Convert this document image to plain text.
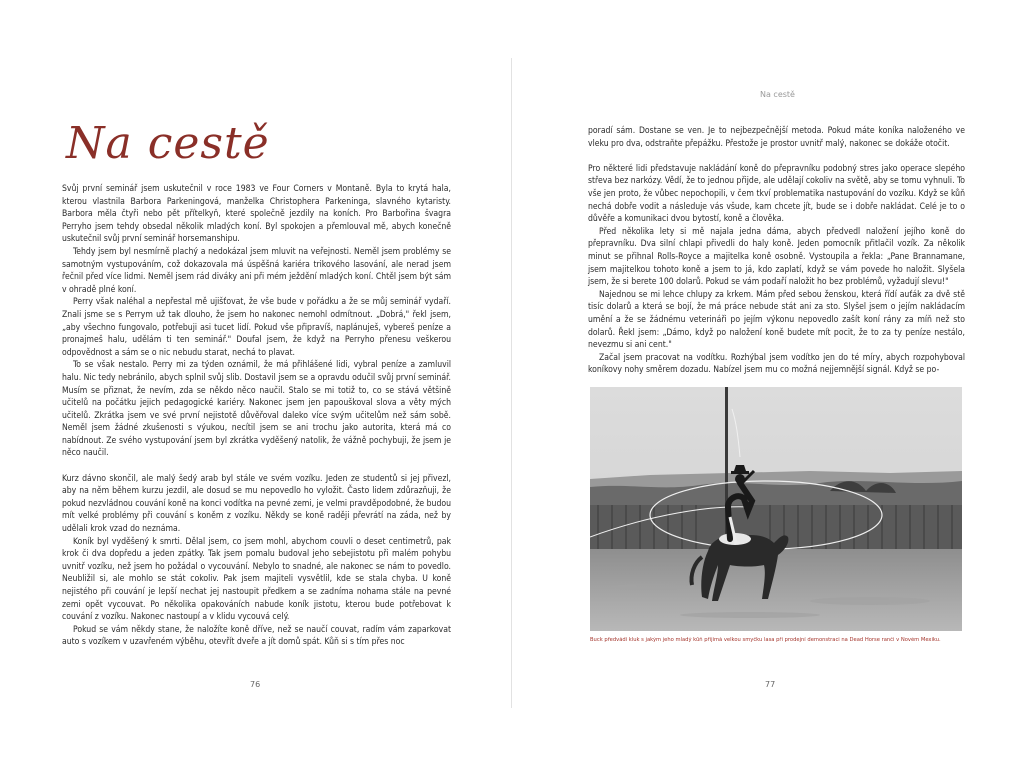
Na cestě

Svůj první seminář jsem uskutečnil v roce 1983 ve Four Corners v Montaně. Byla to krytá hala, kterou vlastnila Barbora Parkeningová, manželka Christophera Parkeninga, slavného kytaristy. Barbora měla čtyři nebo pět přítelkyň, které společně jezdily na koních. Pro Barbořina švagra Perryho jsem tehdy obsedal několik mladých koní. Byl spokojen a přemlouval mě, abych konečně uskutečnil svůj první seminář horsemanshipu.

Tehdy jsem byl nesmírně plachý a nedokázal jsem mluvit na veřejnosti. Neměl jsem problémy se samotným vystupováním, což dokazovala má úspěšná kariéra trikového lasování, ale nerad jsem řečnil před více lidmi. Neměl jsem rád diváky ani při mém ježdění mladých koní. Chtěl jsem být sám v ohradě plné koní.

Perry však naléhal a nepřestal mě ujišťovat, že vše bude v pořádku a že se můj seminář vydaří. Znali jsme se s Perrym už tak dlouho, že jsem ho nakonec nemohl odmítnout. „Dobrá," řekl jsem, „aby všechno fungovalo, potřebuji asi tucet lidí. Pokud vše připravíš, naplánuješ, vybereš peníze a pronajmeš halu, udělám ti ten seminář." Doufal jsem, že když na Perryho přenesu veškerou odpovědnost a sám se o nic nebudu starat, nechá to plavat.

To se však nestalo. Perry mi za týden oznámil, že má přihlášené lidi, vybral peníze a zamluvil halu. Nic tedy nebránilo, abych splnil svůj slib. Dostavil jsem se a opravdu odučil svůj první seminář. Musím se přiznat, že nevím, zda se někdo něco naučil. Stalo se mi totiž to, co se stává většině učitelů na počátku jejich pedagogické kariéry. Nakonec jsem jen papouškoval slova a věty mých učitelů. Zkrátka jsem ve své první nejistotě důvěřoval daleko více svým učitelům než sám sobě. Neměl jsem žádné zkušenosti s výukou, necítil jsem se ani trochu jako autorita, která má co nabídnout. Ze svého vystupování jsem byl zkrátka vyděšený natolik, že vážně pochybuji, že jsem je něco naučil.

Kurz dávno skončil, ale malý šedý arab byl stále ve svém vozíku. Jeden ze studentů si jej přivezl, aby na něm během kurzu jezdil, ale dosud se mu nepovedlo ho vyložit. Často lidem zdůrazňuji, že pokud nezvládnou couvání koně na konci vodítka na pevné zemi, je velmi pravděpodobné, že budou mít velké problémy při couvání s koněm z vozíku. Někdy se koně raději převrátí na záda, než by udělali krok vzad do neznáma.

Koník byl vyděšený k smrti. Dělal jsem, co jsem mohl, abychom couvli o deset centimetrů, pak krok či dva dopředu a jeden zpátky. Tak jsem pomalu budoval jeho sebejistotu při malém pohybu uvnitř vozíku, než jsem ho požádal o vycouvání. Nebylo to snadné, ale nakonec se nám to povedlo. Neubližil si, ale mohlo se stát cokoliv. Pak jsem majiteli vysvětlil, kde se stala chyba. U koně nejistého při couvání je lepší nechat jej nastoupit předkem a se zadníma nohama stále na pevné zemi opět vycouvat. Po několika opakováních nabude koník jistotu, kterou bude potřebovat k couvání z vozíku. Nakonec nastoupí a v klidu vycouvá celý.

Pokud se vám někdy stane, že naložíte koně dříve, než se naučí couvat, radím vám zaparkovat auto s vozíkem v uzavřeném výběhu, otevřít dveře a jít domů spát. Kůň si s tím přes noc

76
Na cestě

poradí sám. Dostane se ven. Je to nejbezpečnější metoda. Pokud máte koníka naloženého ve vleku pro dva, odstraňte přepážku. Přestože je prostor uvnitř malý, nakonec se dokáže otočit.

Pro některé lidi představuje nakládání koně do přepravníku podobný stres jako operace slepého střeva bez narkózy. Vědí, že to jednou přijde, ale udělají cokoliv na světě, aby se tomu vyhnuli. To vše jen proto, že vůbec nepochopili, v čem tkví problematika nastupování do vozíku. Když se kůň nechá dobře vodit a následuje vás všude, kam chcete jít, bude se i dobře nakládat. Celé je to o důvěře a komunikaci dvou bytostí, koně a člověka.

Před několika lety si mě najala jedna dáma, abych předvedl naložení jejího koně do přepravníku. Dva silní chlapi přivedli do haly koně. Jeden pomocník přitlačil vozík. Za několik minut se přihnal Rolls-Royce a majitelka koně osobně. Vystoupila a řekla: „Pane Brannamane, jsem majitelkou tohoto koně a jsem to já, kdo zaplatí, když se vám povede ho naložit. Slyšela jsem, že si berete 100 dolarů. Pokud se vám podaří naložit ho bez problémů, vyžadují slevu!"

Najednou se mi lehce chlupy za krkem. Mám před sebou ženskou, která řídí auťák za dvě stě tisíc dolarů a která se bojí, že má práce nebude stát ani za sto. Slyšel jsem o jejím nakládacím umění a že se žádnému veterináři po jejím výkonu nepovedlo zašít koní rány za míň než sto dolarů. Řekl jsem: „Dámo, když po naložení koně budete mít pocit, že to za ty peníze nestálo, nevezmu si ani cent."

Začal jsem pracovat na vodítku. Rozhýbal jsem vodítko jen do té míry, abych rozpohyboval koníkovy nohy směrem dozadu. Nabízel jsem mu co možná nejjemnější signál. Když se po-

Buck předvádí kluk s jakým jeho mladý kůň přijímá velkou smyčku lasa při prodejní demonstraci na Dead Horse ranči v Novém Mexiku.
77
